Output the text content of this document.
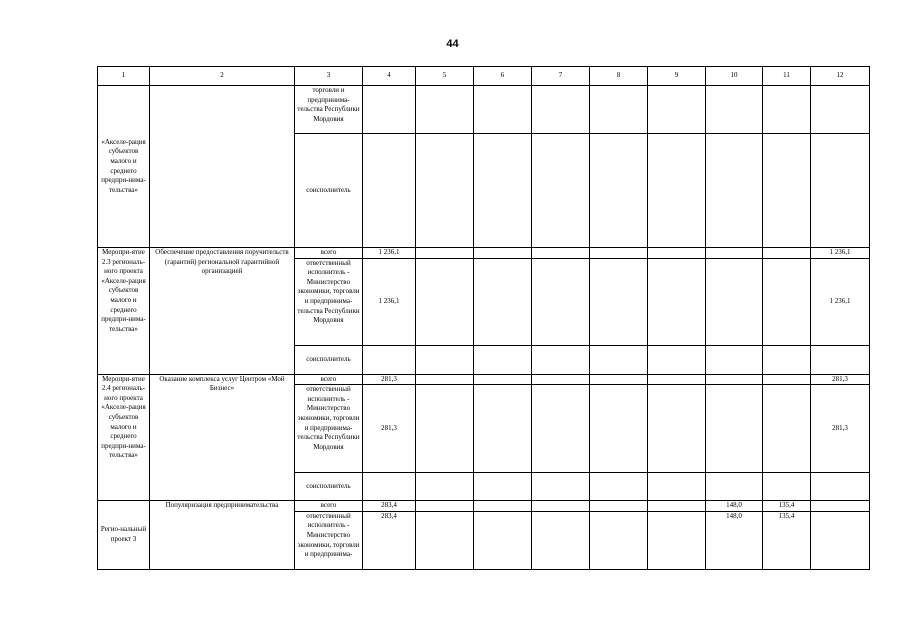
44
1	2	3	4	5	6	7	8	9	10	11	12
«Акселе-рация субъектов малого и среднего предпри-нима-тельства»		торговли и предпринима-тельства Республики Мордовия									
		соисполнитель									
Меропри-ятие 2.3 региональ-ного проекта «Акселе-рация субъектов малого и среднего предпри-нима-тельства»	Обеспечение предоставления поручительств (гарантий) региональной гарантийной организацией	всего	1 236,1								1 236,1
		ответственный исполнитель - Министерство экономики, торговли и предпринима-тельства Республики Мордовия	1 236,1								1 236,1
		соисполнитель									
Меропри-ятие 2.4 региональ-ного проекта «Акселе-рация субъектов малого и среднего предпри-нима-тельства»	Оказание комплекса услуг Центром «Мой Бизнес»	всего	281,3								281,3
		ответственный исполнитель - Министерство экономики, торговли и предпринима-тельства Республики Мордовия	281,3								281,3
		соисполнитель									
Регио-нальный проект 3	Популяризация предпринимательства	всего	283,4						148,0	135,4	
		ответственный исполнитель - Министерство экономики, торговли и предпринима-	283,4						148,0	135,4	
